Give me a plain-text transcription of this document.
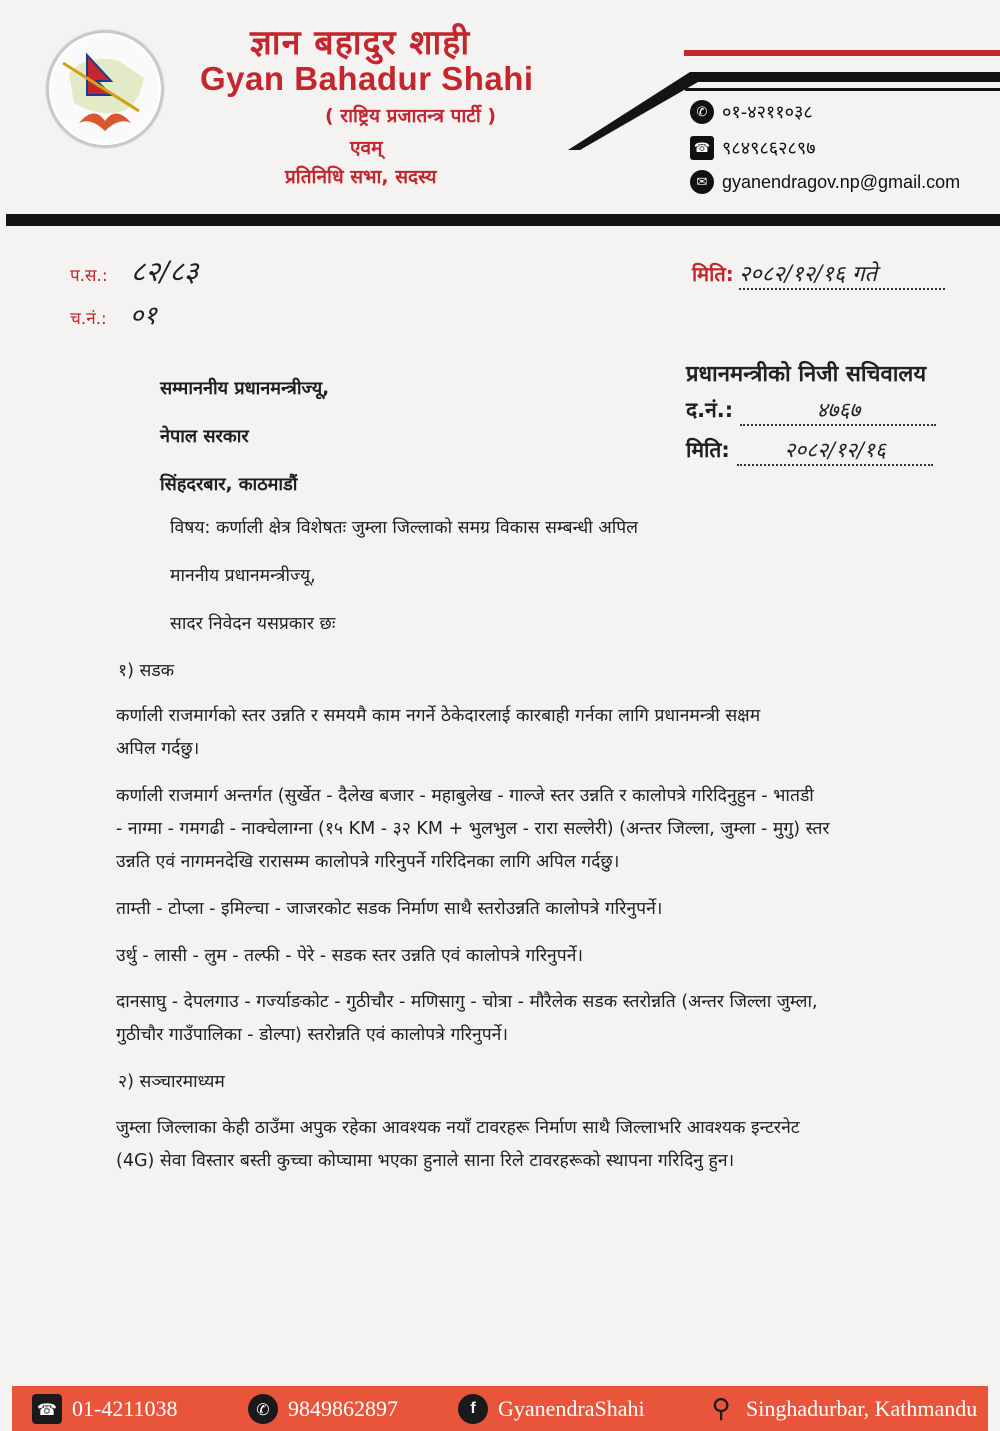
ज्ञान बहादुर शाही
Gyan Bahadur Shahi
( राष्ट्रिय प्रजातन्त्र पार्टी )
एवम्
प्रतिनिधि सभा, सदस्य
✆ ०१-४२११०३८
☎ ९८४९८६२८९७
✉ gyanendragov.np@gmail.com
प.स.: ८२/८३
च.नं.: ०१
मिति: २०८२/१२/१६ गते
प्रधानमन्त्रीको निजी सचिवालय
द.नं.:	४७६७
मिति:	२०८२/१२/१६
सम्माननीय प्रधानमन्त्रीज्यू,
नेपाल सरकार
सिंहदरबार, काठमाडौं
विषय: कर्णाली क्षेत्र विशेषतः जुम्ला जिल्लाको समग्र विकास सम्बन्धी अपिल
माननीय प्रधानमन्त्रीज्यू,
सादर निवेदन यसप्रकार छः
१) सडक
कर्णाली राजमार्गको स्तर उन्नति र समयमै काम नगर्ने ठेकेदारलाई कारबाही गर्नका लागि प्रधानमन्त्री सक्षम
अपिल गर्दछु।
कर्णाली राजमार्ग अन्तर्गत (सुर्खेत - दैलेख बजार - महाबुलेख - गाल्जे स्तर उन्नति र कालोपत्रे गरिदिनुहुन - भातडी
- नाग्मा - गमगढी - नाक्चेलाग्ना (१५ KM - ३२ KM + भुलभुल - रारा सल्लेरी) (अन्तर जिल्ला, जुम्ला - मुगु) स्तर
उन्नति एवं नागमनदेखि रारासम्म कालोपत्रे गरिनुपर्ने गरिदिनका लागि अपिल गर्दछु।
ताम्ती - टोप्ला - इमिल्चा - जाजरकोट सडक निर्माण साथै स्तरोउन्नति कालोपत्रे गरिनुपर्ने।
उर्थु - लासी - लुम - तल्फी - पेरे - सडक स्तर उन्नति एवं कालोपत्रे गरिनुपर्ने।
दानसाघु - देपलगाउ - गर्ज्याङकोट - गुठीचौर - मणिसागु - चोत्रा - मौरैलेक सडक स्तरोन्नति (अन्तर जिल्ला जुम्ला,
गुठीचौर गाउँपालिका - डोल्पा) स्तरोन्नति एवं कालोपत्रे गरिनुपर्ने।
२) सञ्चारमाध्यम
जुम्ला जिल्लाका केही ठाउँमा अपुक रहेका आवश्यक नयाँ टावरहरू निर्माण साथै जिल्लाभरि आवश्यक इन्टरनेट
(4G) सेवा विस्तार बस्ती कुच्चा कोप्चामा भएका हुनाले साना रिले टावरहरूको स्थापना गरिदिनु हुन।
☎ 01-4211038	✆ 9849862897	f	GyanendraShahi	⚲ Singhadurbar, Kathmandu
